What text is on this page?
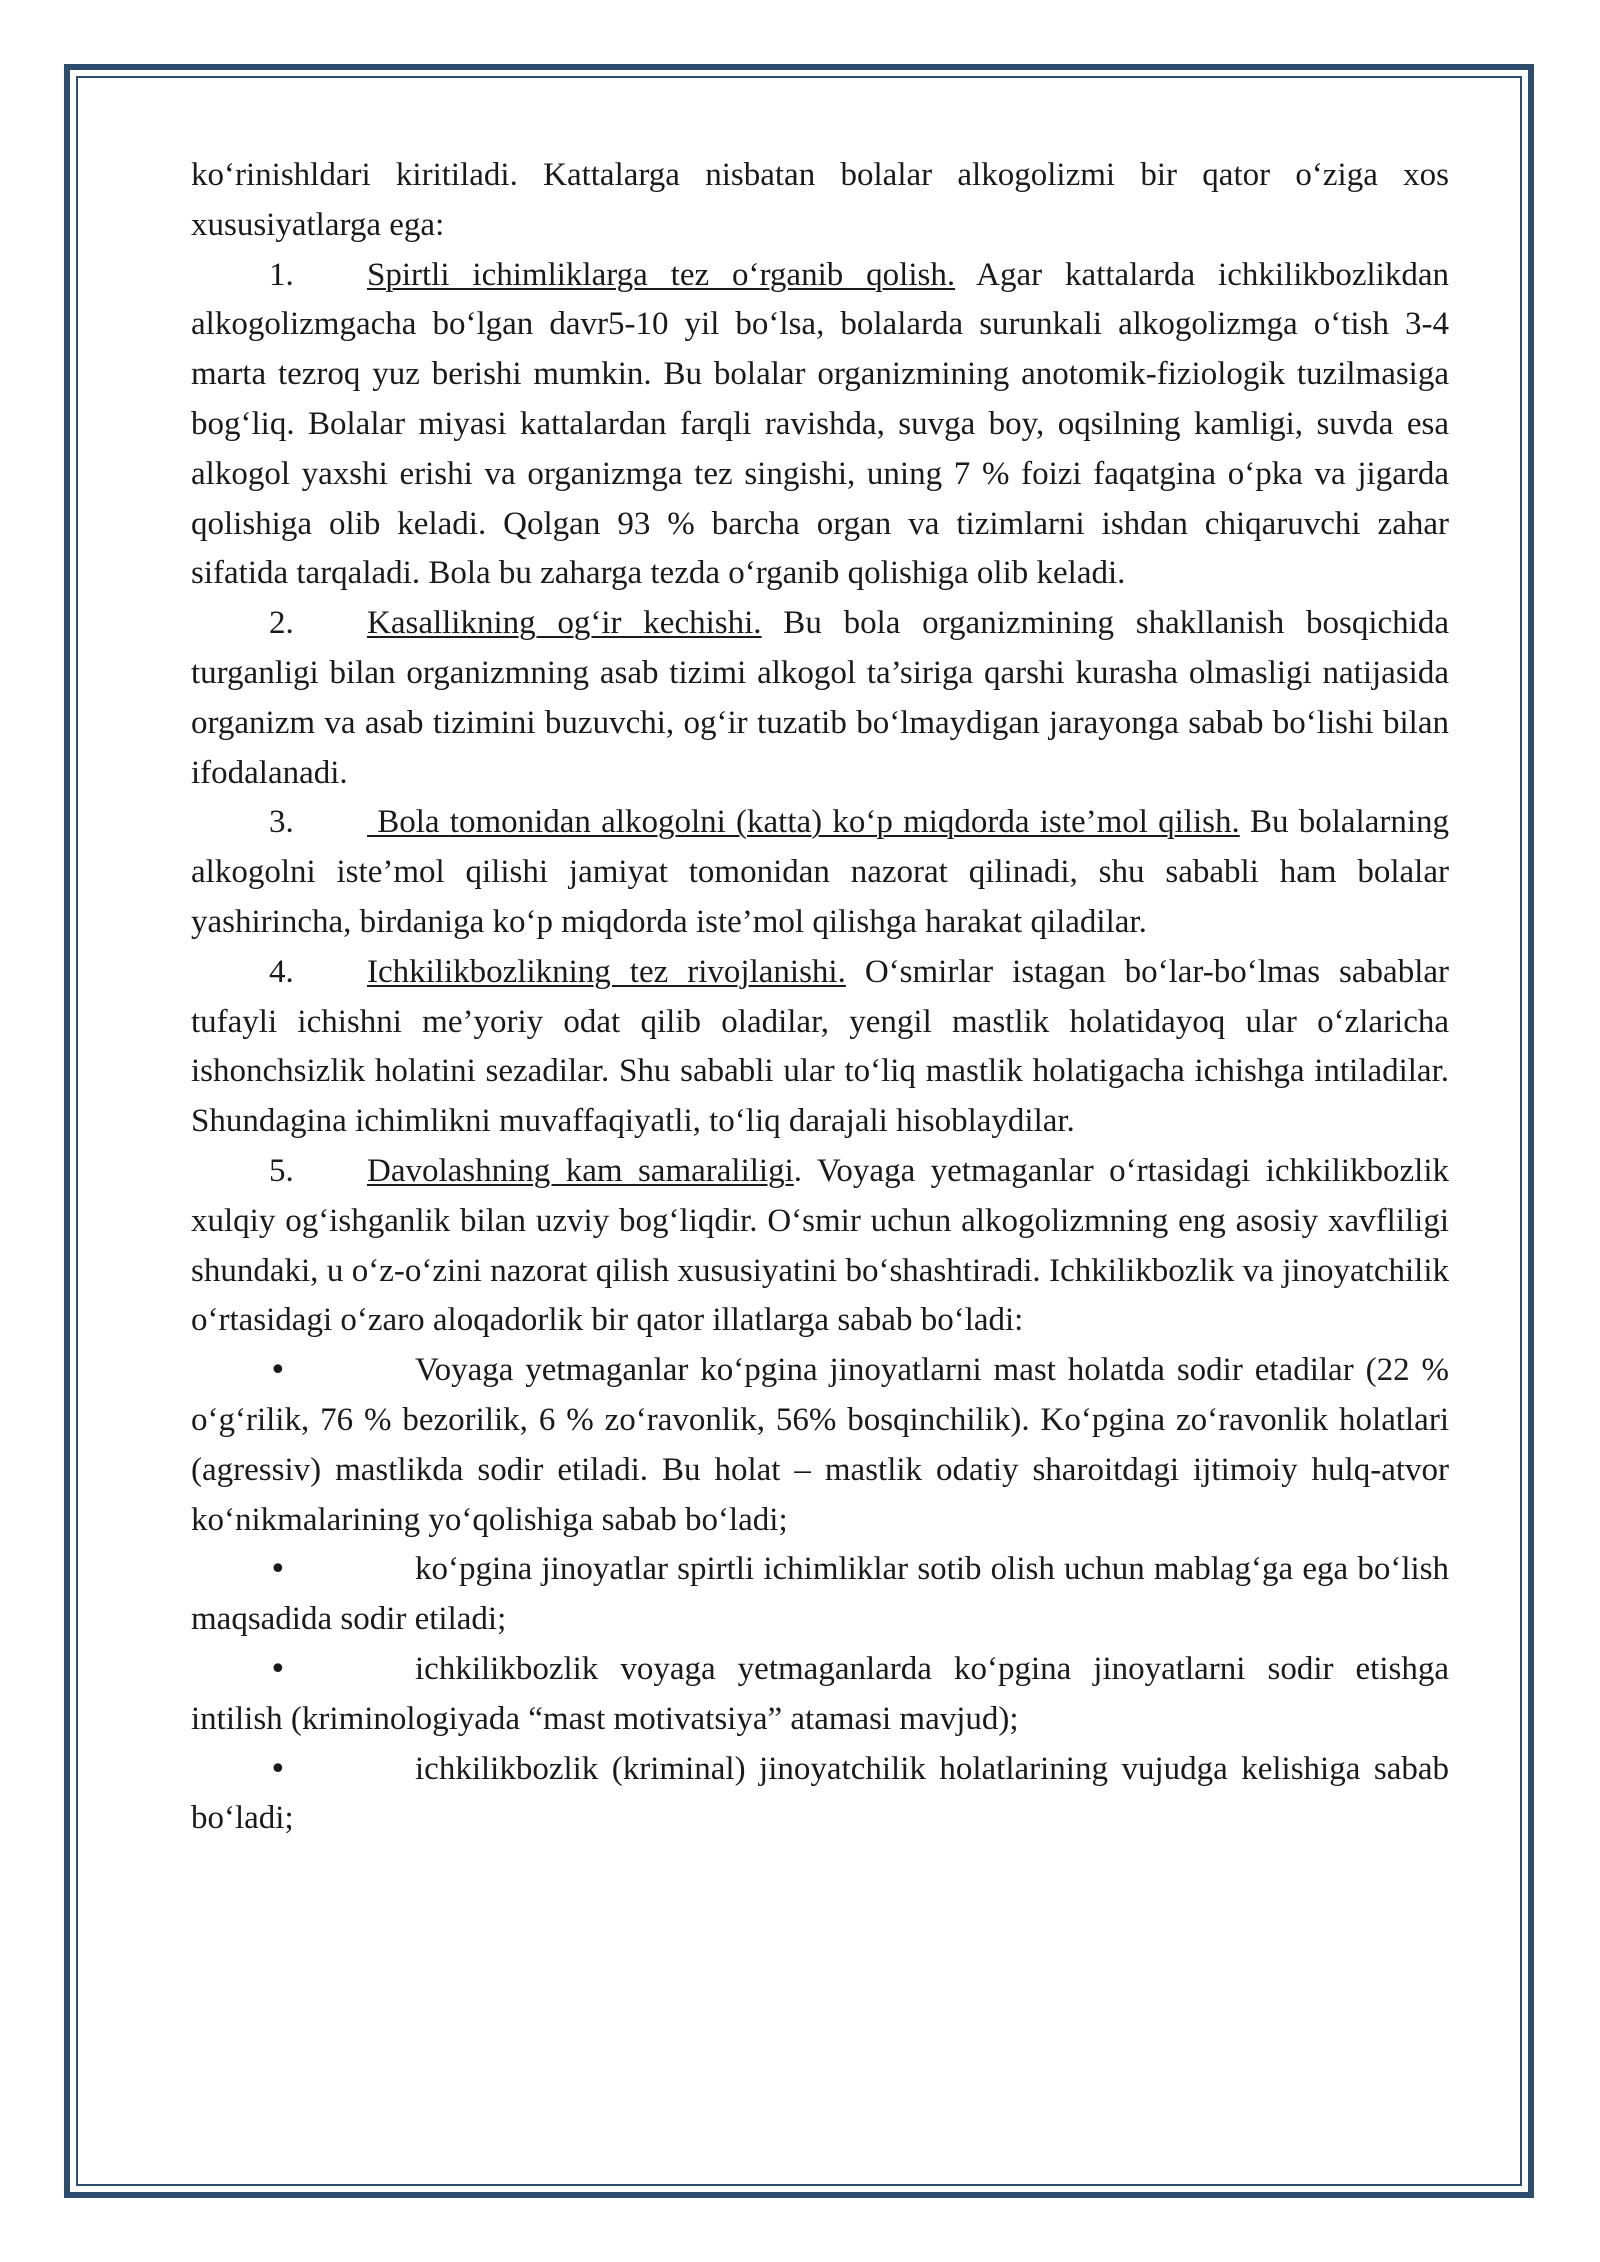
ko‘rinishldari kiritiladi. Kattalarga nisbatan bolalar alkogolizmi bir qator o‘ziga xos xususiyatlarga ega:

1. Spirtli ichimliklarga tez o‘rganib qolish. Agar kattalarda ichkilikbozlikdan alkogolizmgacha bo‘lgan davr5-10 yil bo‘lsa, bolalarda surunkali alkogolizmga o‘tish 3-4 marta tezroq yuz berishi mumkin. Bu bolalar organizmining anotomik-fiziologik tuzilmasiga bog‘liq. Bolalar miyasi kattalardan farqli ravishda, suvga boy, oqsilning kamligi, suvda esa alkogol yaxshi erishi va organizmga tez singishi, uning 7 % foizi faqatgina o‘pka va jigarda qolishiga olib keladi. Qolgan 93 % barcha organ va tizimlarni ishdan chiqaruvchi zahar sifatida tarqaladi. Bola bu zaharga tezda o‘rganib qolishiga olib keladi.

2. Kasallikning og‘ir kechishi. Bu bola organizmining shakllanish bosqichida turganligi bilan organizmning asab tizimi alkogol ta’siriga qarshi kurasha olmasligi natijasida organizm va asab tizimini buzuvchi, og‘ir tuzatib bo‘lmaydigan jarayonga sabab bo‘lishi bilan ifodalanadi.

3. Bola tomonidan alkogolni (katta) ko‘p miqdorda iste’mol qilish. Bu bolalarning alkogolni iste’mol qilishi jamiyat tomonidan nazorat qilinadi, shu sababli ham bolalar yashirincha, birdaniga ko‘p miqdorda iste’mol qilishga harakat qiladilar.

4. Ichkilikbozlikning tez rivojlanishi. O‘smirlar istagan bo‘lar-bo‘lmas sabablar tufayli ichishni me’yoriy odat qilib oladilar, yengil mastlik holatidayoq ular o‘zlaricha ishonchsizlik holatini sezadilar. Shu sababli ular to‘liq mastlik holatigacha ichishga intiladilar. Shundagina ichimlikni muvaffaqiyatli, to‘liq darajali hisoblaydilar.

5. Davolashning kam samaraliligi. Voyaga yetmaganlar o‘rtasidagi ichkilikbozlik xulqiy og‘ishganlik bilan uzviy bog‘liqdir. O‘smir uchun alkogolizmning eng asosiy xavfliligi shundaki, u o‘z-o‘zini nazorat qilish xususiyatini bo‘shashtiradi. Ichkilikbozlik va jinoyatchilik o‘rtasidagi o‘zaro aloqadorlik bir qator illatlarga sabab bo‘ladi:

•	Voyaga yetmaganlar ko‘pgina jinoyatlarni mast holatda sodir etadilar (22 % o‘g‘rilik, 76 % bezorilik, 6 % zo‘ravonlik, 56% bosqinchilik). Ko‘pgina zo‘ravonlik holatlari (agressiv) mastlikda sodir etiladi. Bu holat – mastlik odatiy sharoitdagi ijtimoiy hulq-atvor ko‘nikmalarining yo‘qolishiga sabab bo‘ladi;

•	ko‘pgina jinoyatlar spirtli ichimliklar sotib olish uchun mablag‘ga ega bo‘lish maqsadida sodir etiladi;

•	ichkilikbozlik voyaga yetmaganlarda ko‘pgina jinoyatlarni sodir etishga intilish (kriminologiyada “mast motivatsiya” atamasi mavjud);

•	ichkilikbozlik (kriminal) jinoyatchilik holatlarining vujudga kelishiga sabab bo‘ladi;
